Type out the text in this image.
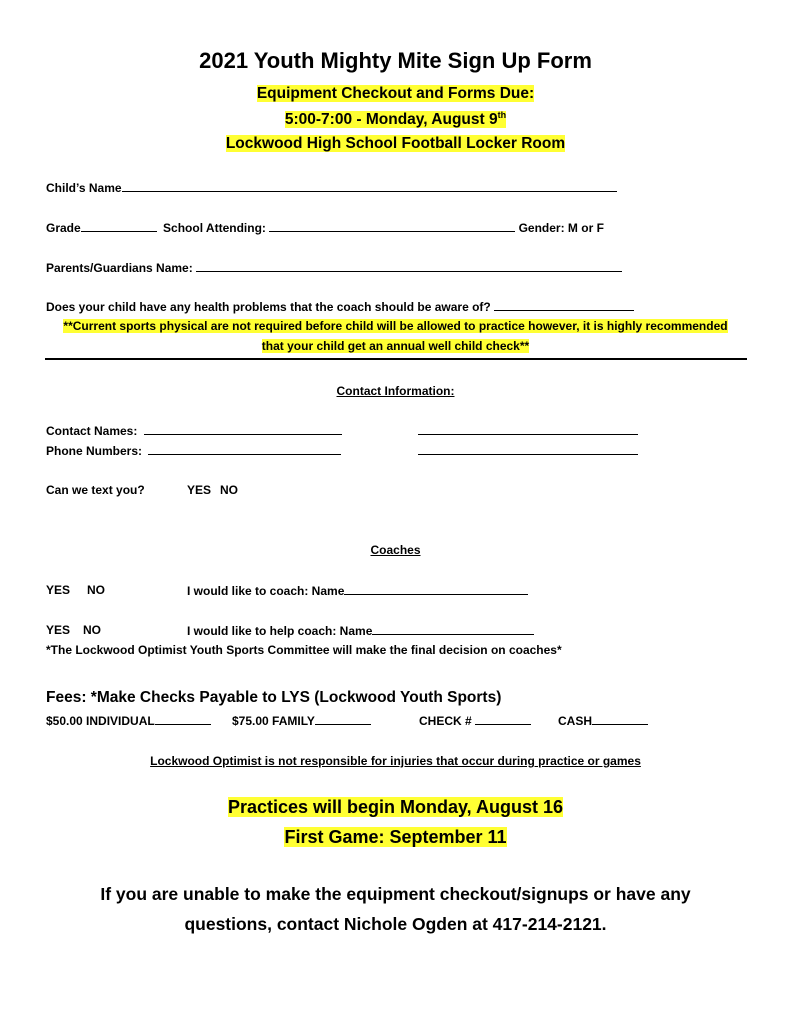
2021 Youth Mighty Mite Sign Up Form
Equipment Checkout and Forms Due:
5:00-7:00 - Monday, August 9th
Lockwood High School Football Locker Room
Child’s Name
Grade	School Attending:	Gender: M or F
Parents/Guardians Name:
Does your child have any health problems that the coach should be aware of?
**Current sports physical are not required before child will be allowed to practice however, it is highly recommended
that your child get an annual well child check**
Contact Information:
Contact Names:
Phone Numbers:
Can we text you?	YES NO
Coaches
YES NO	I would like to coach: Name
YES NO	I would like to help coach: Name
*The Lockwood Optimist Youth Sports Committee will make the final decision on coaches*
Fees: *Make Checks Payable to LYS (Lockwood Youth Sports)
$50.00 INDIVIDUAL	$75.00 FAMILY	CHECK #	CASH
Lockwood Optimist is not responsible for injuries that occur during practice or games
Practices will begin Monday, August 16
First Game: September 11
If you are unable to make the equipment checkout/signups or have any
questions, contact Nichole Ogden at 417-214-2121.
